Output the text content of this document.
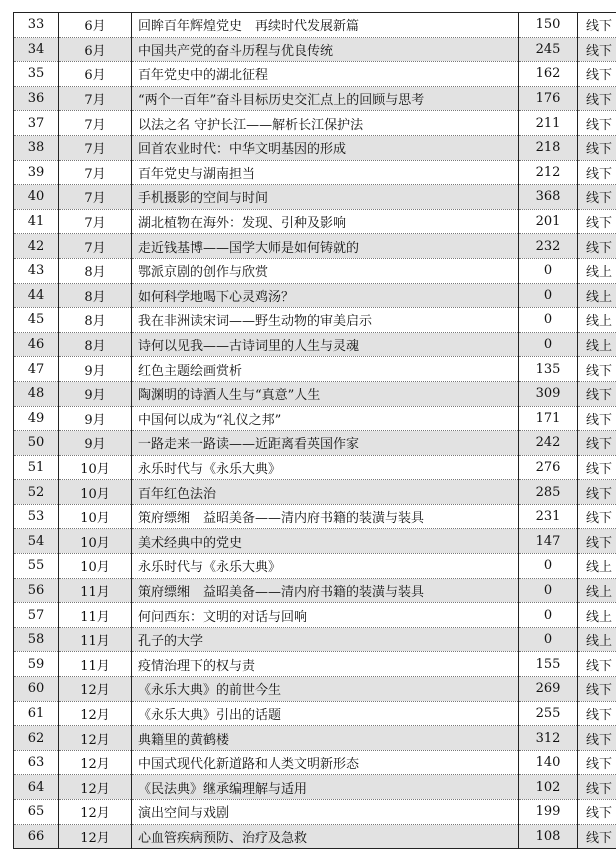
33	6月	回眸百年辉煌党史　再续时代发展新篇	150	线下
34	6月	中国共产党的奋斗历程与优良传统	245	线下
35	6月	百年党史中的湖北征程	162	线下
36	7月	“两个一百年”奋斗目标历史交汇点上的回顾与思考	176	线下
37	7月	以法之名 守护长江——解析长江保护法	211	线下
38	7月	回首农业时代：中华文明基因的形成	218	线下
39	7月	百年党史与湖南担当	212	线下
40	7月	手机摄影的空间与时间	368	线下
41	7月	湖北植物在海外：发现、引种及影响	201	线下
42	7月	走近钱基博——国学大师是如何铸就的	232	线下
43	8月	鄂派京剧的创作与欣赏	0	线上
44	8月	如何科学地喝下心灵鸡汤？	0	线上
45	8月	我在非洲读宋词——野生动物的审美启示	0	线上
46	8月	诗何以见我——古诗词里的人生与灵魂	0	线上
47	9月	红色主题绘画赏析	135	线下
48	9月	陶渊明的诗酒人生与“真意”人生	309	线下
49	9月	中国何以成为“礼仪之邦”	171	线下
50	9月	一路走来一路读——近距离看英国作家	242	线下
51	10月	永乐时代与《永乐大典》	276	线下
52	10月	百年红色法治	285	线下
53	10月	策府缥缃　益昭美备——清内府书籍的装潢与装具	231	线下
54	10月	美术经典中的党史	147	线下
55	10月	永乐时代与《永乐大典》	0	线上
56	11月	策府缥缃　益昭美备——清内府书籍的装潢与装具	0	线上
57	11月	何问西东：文明的对话与回响	0	线上
58	11月	孔子的大学	0	线上
59	11月	疫情治理下的权与责	155	线下
60	12月	《永乐大典》的前世今生	269	线下
61	12月	《永乐大典》引出的话题	255	线下
62	12月	典籍里的黄鹤楼	312	线下
63	12月	中国式现代化新道路和人类文明新形态	140	线下
64	12月	《民法典》继承编理解与适用	102	线下
65	12月	演出空间与戏剧	199	线下
66	12月	心血管疾病预防、治疗及急救	108	线下
